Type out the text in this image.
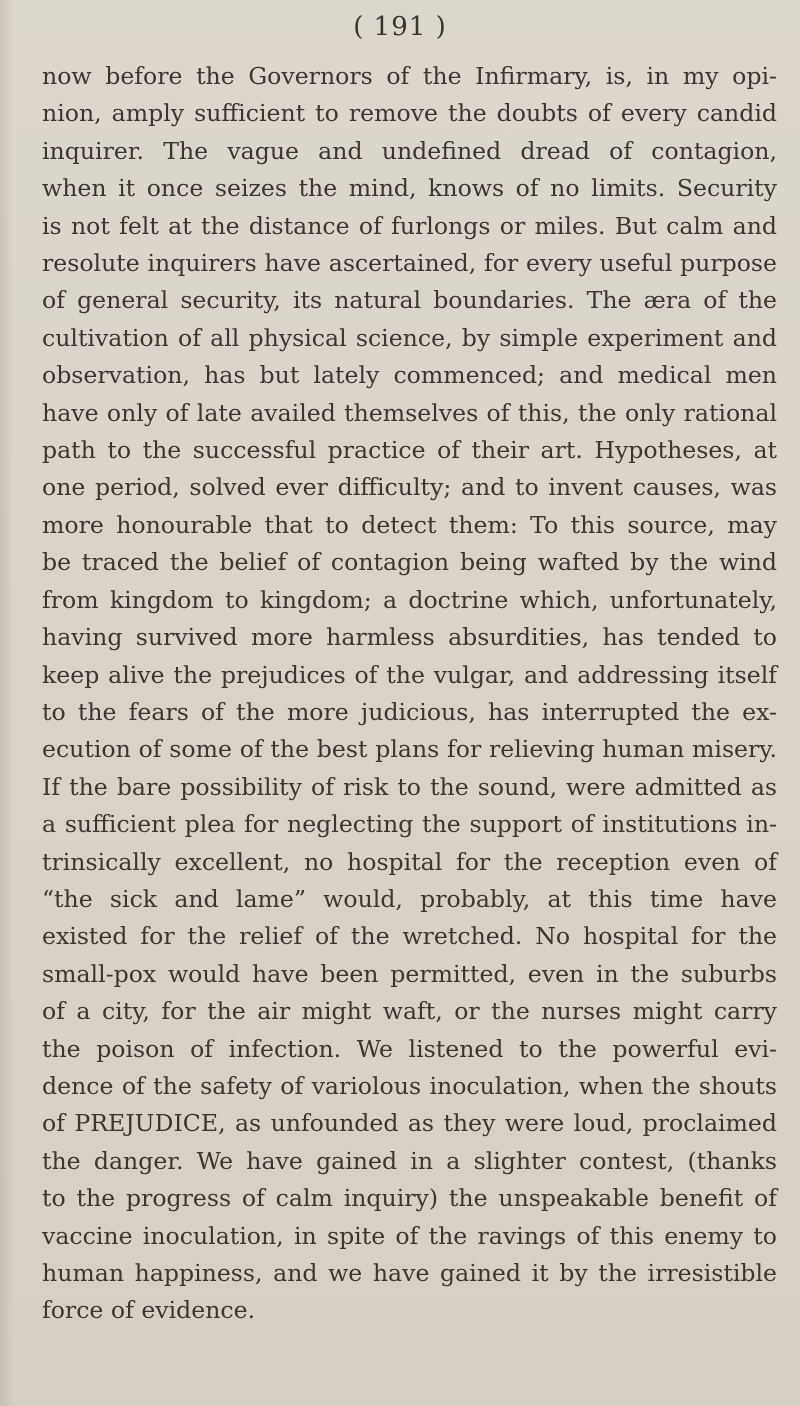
( 191 )
now before the Governors of the Infirmary, is, in my opi-
nion, amply sufficient to remove the doubts of every candid
inquirer. The vague and undefined dread of contagion,
when it once seizes the mind, knows of no limits. Security
is not felt at the distance of furlongs or miles. But calm and
resolute inquirers have ascertained, for every useful purpose
of general security, its natural boundaries. The æra of the
cultivation of all physical science, by simple experiment and
observation, has but lately commenced; and medical men
have only of late availed themselves of this, the only rational
path to the successful practice of their art. Hypotheses, at
one period, solved ever difficulty; and to invent causes, was
more honourable that to detect them: To this source, may
be traced the belief of contagion being wafted by the wind
from kingdom to kingdom; a doctrine which, unfortunately,
having survived more harmless absurdities, has tended to
keep alive the prejudices of the vulgar, and addressing itself
to the fears of the more judicious, has interrupted the ex-
ecution of some of the best plans for relieving human misery.
If the bare possibility of risk to the sound, were admitted as
a sufficient plea for neglecting the support of institutions in-
trinsically excellent, no hospital for the reception even of
“the sick and lame” would, probably, at this time have
existed for the relief of the wretched. No hospital for the
small-pox would have been permitted, even in the suburbs
of a city, for the air might waft, or the nurses might carry
the poison of infection. We listened to the powerful evi-
dence of the safety of variolous inoculation, when the shouts
of PREJUDICE, as unfounded as they were loud, proclaimed
the danger. We have gained in a slighter contest, (thanks
to the progress of calm inquiry) the unspeakable benefit of
vaccine inoculation, in spite of the ravings of this enemy to
human happiness, and we have gained it by the irresistible
force of evidence.
